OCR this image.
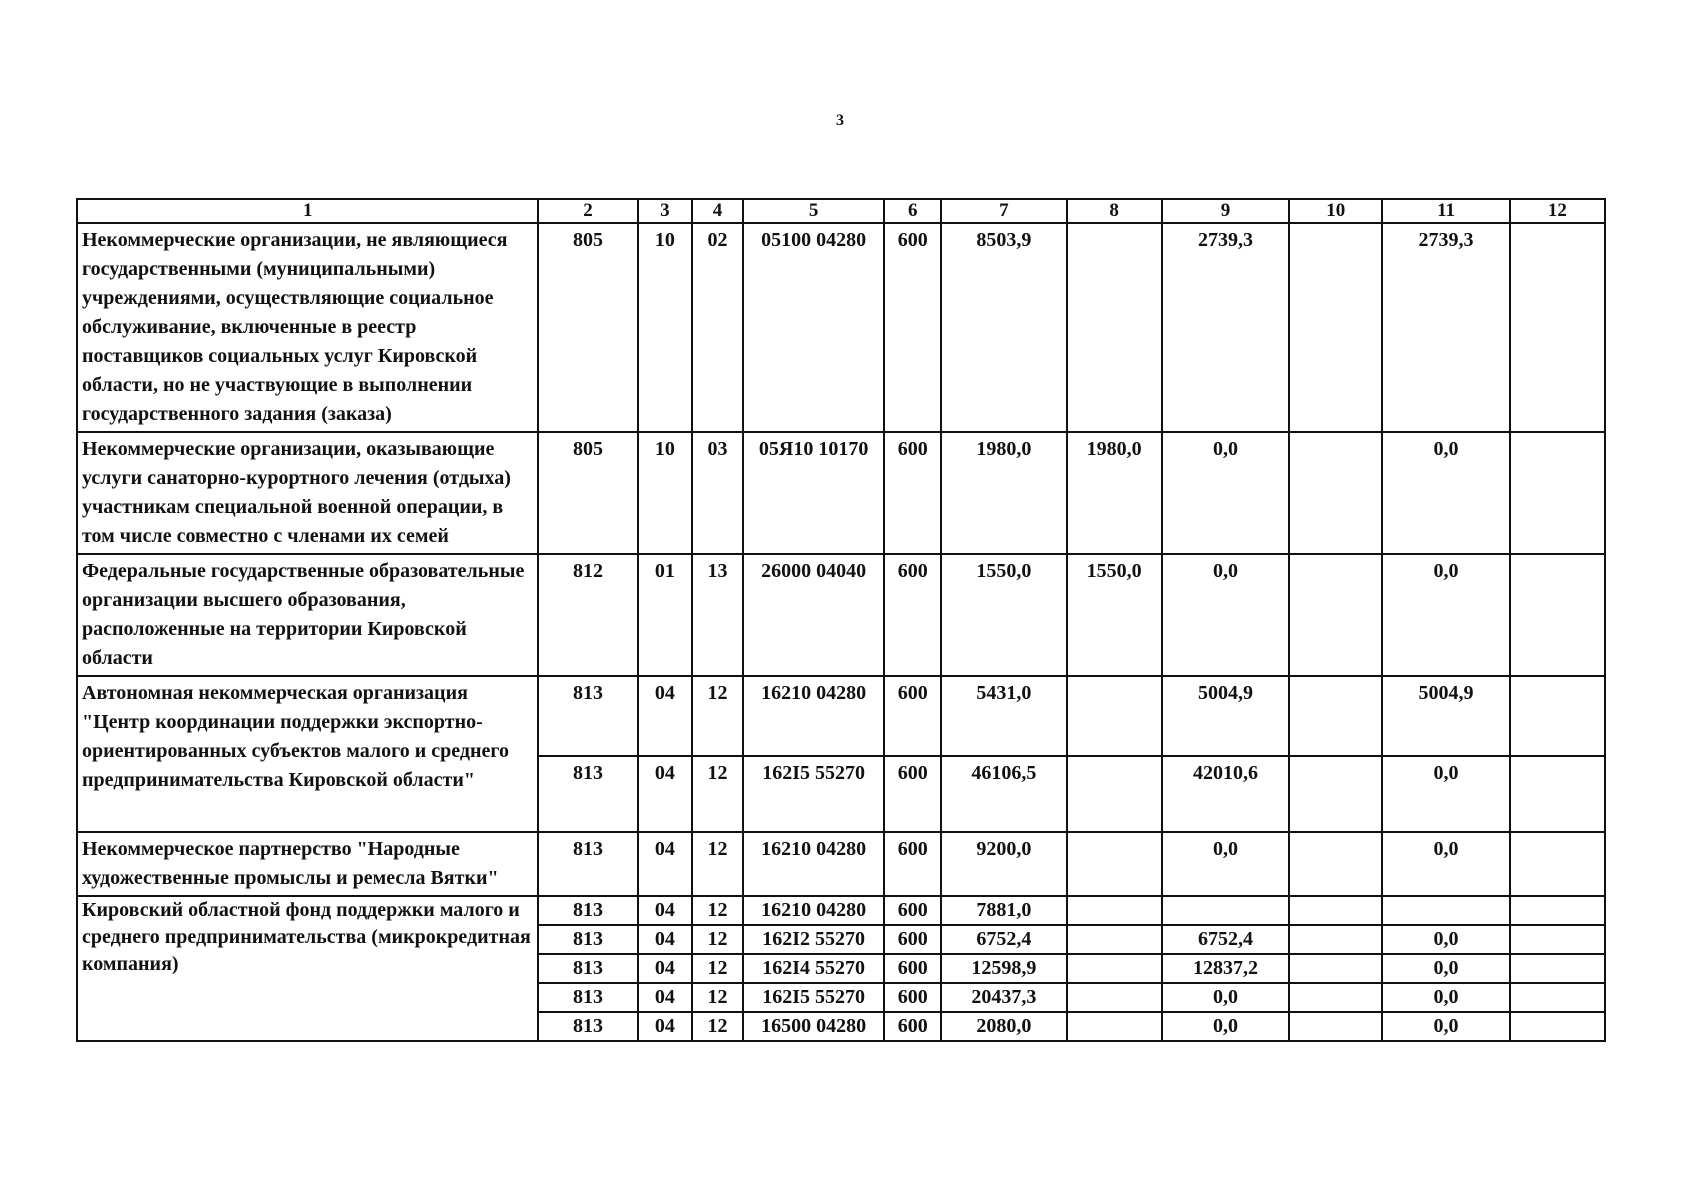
3
1	2	3	4	5	6	7	8	9	10	11	12
Некоммерческие организации, не являющиеся государственными (муниципальными) учреждениями, осуществляющие социальное обслуживание, включенные в реестр поставщиков социальных услуг Кировской области, но не участвующие в выполнении государственного задания (заказа)	805	10	02	05100 04280	600	8503,9		2739,3		2739,3	
Некоммерческие организации, оказывающие услуги санаторно-курортного лечения (отдыха) участникам специальной военной операции, в том числе совместно с членами их семей	805	10	03	05Я10 10170	600	1980,0	1980,0	0,0		0,0	
Федеральные государственные образовательные организации высшего образования, расположенные на территории Кировской области	812	01	13	26000 04040	600	1550,0	1550,0	0,0		0,0	
Автономная некоммерческая организация "Центр координации поддержки экспортно-ориентированных субъектов малого и среднего предпринимательства Кировской области"	813	04	12	16210 04280	600	5431,0		5004,9		5004,9	
	813	04	12	162I5 55270	600	46106,5		42010,6		0,0	
Некоммерческое партнерство "Народные художественные промыслы и ремесла Вятки"	813	04	12	16210 04280	600	9200,0		0,0		0,0	
Кировский областной фонд поддержки малого и среднего предпринимательства (микрокредитная компания)	813	04	12	16210 04280	600	7881,0					
	813	04	12	162I2 55270	600	6752,4		6752,4		0,0	
	813	04	12	162I4 55270	600	12598,9		12837,2		0,0	
	813	04	12	162I5 55270	600	20437,3		0,0		0,0	
	813	04	12	16500 04280	600	2080,0		0,0		0,0	
